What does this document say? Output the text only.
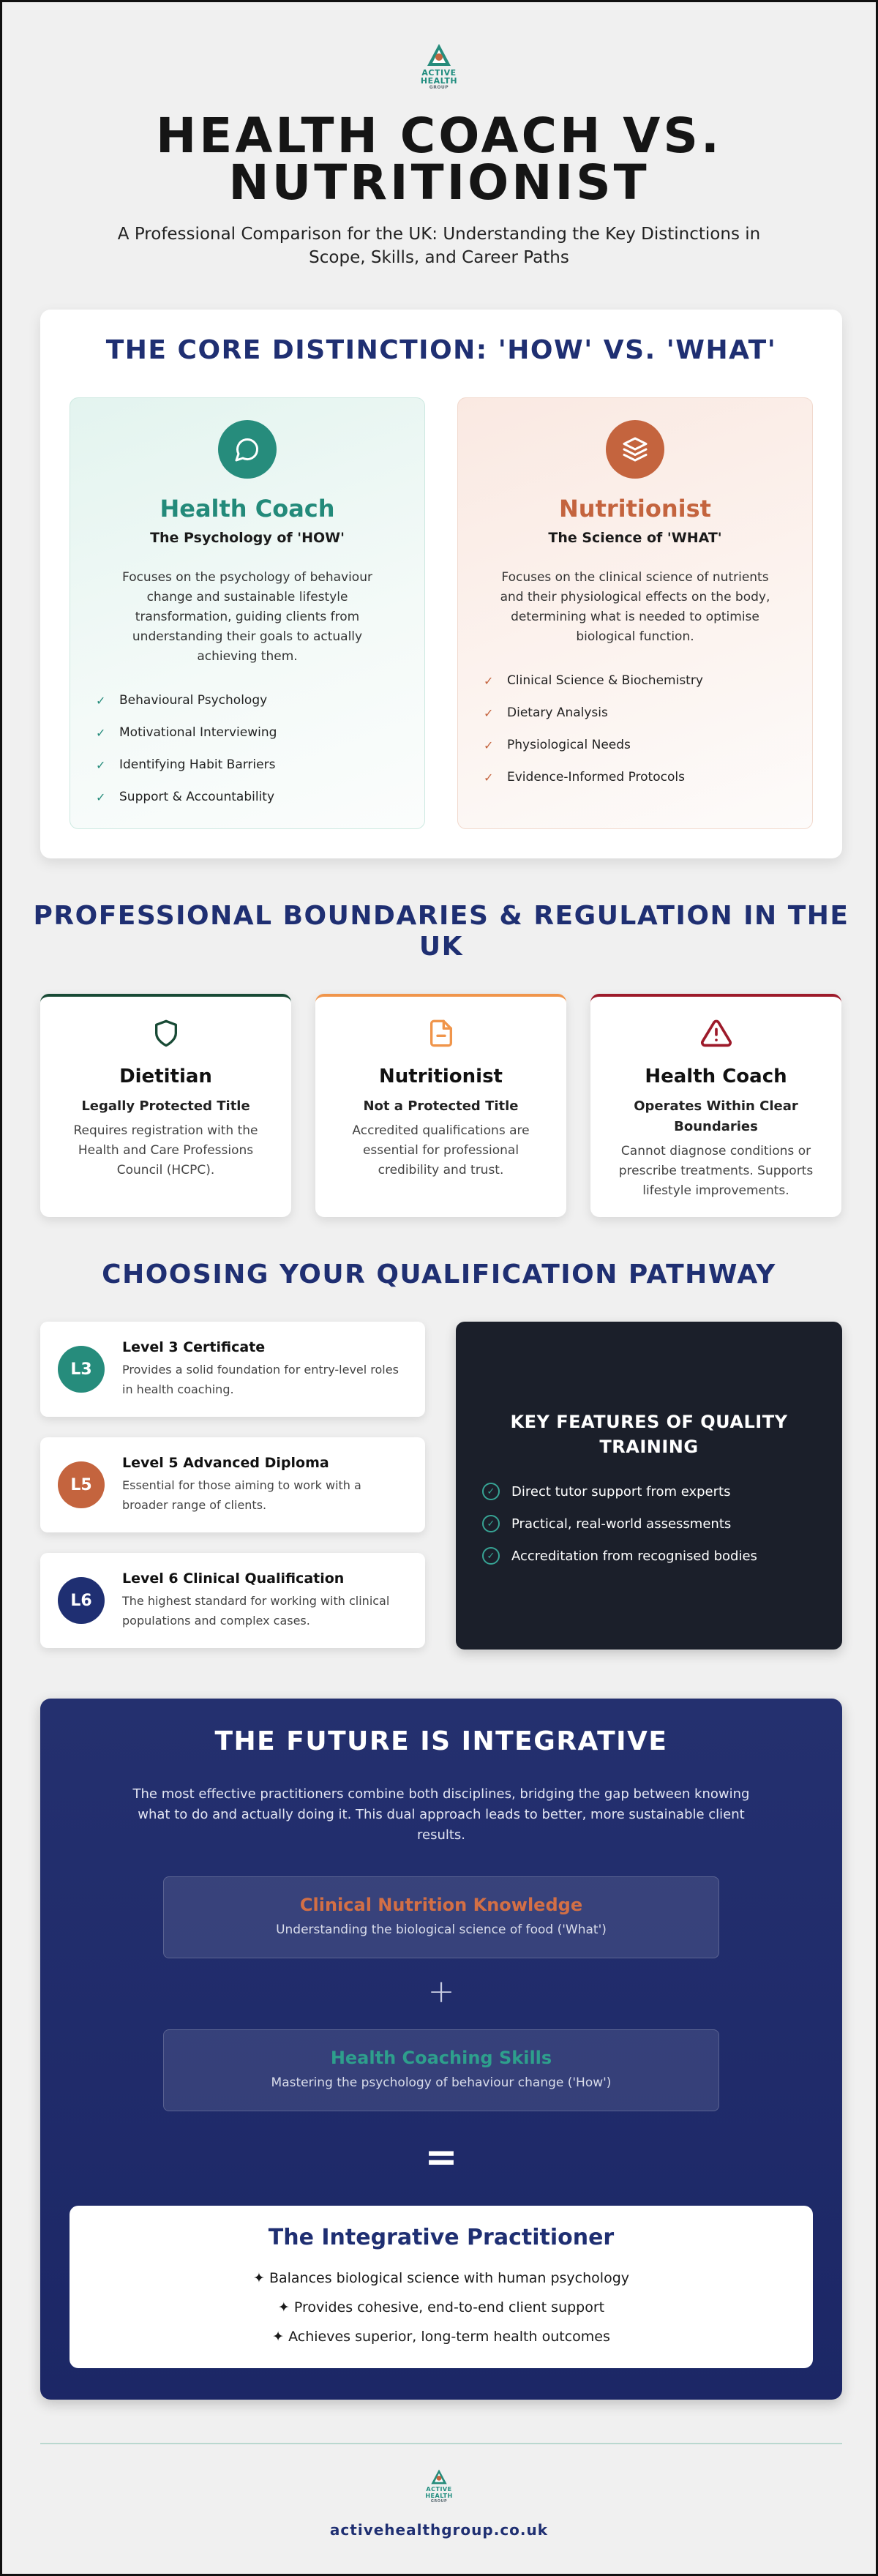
ACTIVE
HEALTH
GROUP
HEALTH COACH VS. NUTRITIONIST

A Professional Comparison for the UK: Understanding the Key Distinctions in Scope, Skills, and Career Paths

THE CORE DISTINCTION: 'HOW' VS. 'WHAT'
Health Coach
The Psychology of 'HOW'

Focuses on the psychology of behaviour change and sustainable lifestyle transformation, guiding clients from understanding their goals to actually achieving them.

✓	Behavioural Psychology
✓	Motivational Interviewing
✓	Identifying Habit Barriers
✓	Support & Accountability
Nutritionist
The Science of 'WHAT'

Focuses on the clinical science of nutrients and their physiological effects on the body, determining what is needed to optimise biological function.

✓	Clinical Science & Biochemistry
✓	Dietary Analysis
✓	Physiological Needs
✓	Evidence-Informed Protocols
PROFESSIONAL BOUNDARIES & REGULATION IN THE UK
Dietitian
Legally Protected Title
Requires registration with the Health and Care Professions Council (HCPC).
Nutritionist
Not a Protected Title
Accredited qualifications are essential for professional credibility and trust.
Health Coach
Operates Within Clear Boundaries
Cannot diagnose conditions or prescribe treatments. Supports lifestyle improvements.
CHOOSING YOUR QUALIFICATION PATHWAY
L3
Level 3 Certificate
Provides a solid foundation for entry-level roles in health coaching.
L5
Level 5 Advanced Diploma
Essential for those aiming to work with a broader range of clients.
L6
Level 6 Clinical Qualification
The highest standard for working with clinical populations and complex cases.
KEY FEATURES OF QUALITY TRAINING
✓	Direct tutor support from experts
✓	Practical, real-world assessments
✓	Accreditation from recognised bodies
THE FUTURE IS INTEGRATIVE

The most effective practitioners combine both disciplines, bridging the gap between knowing what to do and actually doing it. This dual approach leads to better, more sustainable client results.

Clinical Nutrition Knowledge
Understanding the biological science of food ('What')
+
Health Coaching Skills
Mastering the psychology of behaviour change ('How')
=
The Integrative Practitioner
✦ Balances biological science with human psychology
✦ Provides cohesive, end-to-end client support
✦ Achieves superior, long-term health outcomes
ACTIVE
HEALTH
GROUP
activehealthgroup.co.uk
